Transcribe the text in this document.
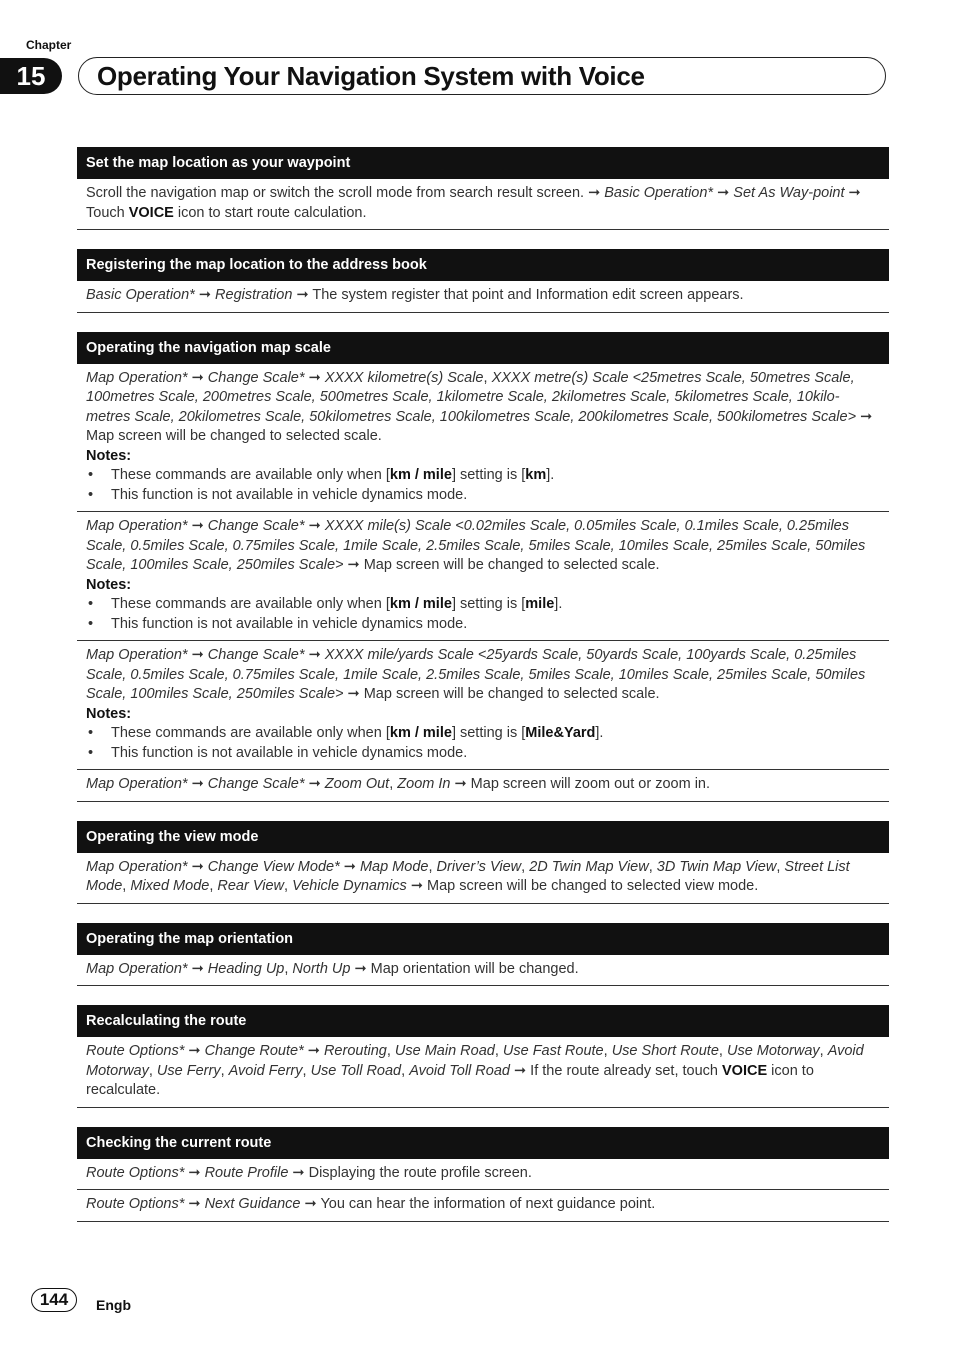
Chapter
15	Operating Your Navigation System with Voice
Set the map location as your waypoint
Scroll the navigation map or switch the scroll mode from search result screen. ➞ Basic Operation* ➞ Set As Way-point ➞ Touch VOICE icon to start route calculation.
Registering the map location to the address book
Basic Operation* ➞ Registration ➞ The system register that point and Information edit screen appears.
Operating the navigation map scale
Map Operation* ➞ Change Scale* ➞ XXXX kilometre(s) Scale, XXXX metre(s) Scale <25metres Scale, 50metres Scale, 100metres Scale, 200metres Scale, 500metres Scale, 1kilometre Scale, 2kilometres Scale, 5kilometres Scale, 10kilo-metres Scale, 20kilometres Scale, 50kilometres Scale, 100kilometres Scale, 200kilometres Scale, 500kilometres Scale> ➞ Map screen will be changed to selected scale.
Notes:
• These commands are available only when [km / mile] setting is [km].
• This function is not available in vehicle dynamics mode.
Map Operation* ➞ Change Scale* ➞ XXXX mile(s) Scale <0.02miles Scale, 0.05miles Scale, 0.1miles Scale, 0.25miles Scale, 0.5miles Scale, 0.75miles Scale, 1mile Scale, 2.5miles Scale, 5miles Scale, 10miles Scale, 25miles Scale, 50miles Scale, 100miles Scale, 250miles Scale> ➞ Map screen will be changed to selected scale.
Notes:
• These commands are available only when [km / mile] setting is [mile].
• This function is not available in vehicle dynamics mode.
Map Operation* ➞ Change Scale* ➞ XXXX mile/yards Scale <25yards Scale, 50yards Scale, 100yards Scale, 0.25miles Scale, 0.5miles Scale, 0.75miles Scale, 1mile Scale, 2.5miles Scale, 5miles Scale, 10miles Scale, 25miles Scale, 50miles Scale, 100miles Scale, 250miles Scale> ➞ Map screen will be changed to selected scale.
Notes:
• These commands are available only when [km / mile] setting is [Mile&Yard].
• This function is not available in vehicle dynamics mode.
Map Operation* ➞ Change Scale* ➞ Zoom Out, Zoom In ➞ Map screen will zoom out or zoom in.
Operating the view mode
Map Operation* ➞ Change View Mode* ➞ Map Mode, Driver’s View, 2D Twin Map View, 3D Twin Map View, Street List Mode, Mixed Mode, Rear View, Vehicle Dynamics ➞ Map screen will be changed to selected view mode.
Operating the map orientation
Map Operation* ➞ Heading Up, North Up ➞ Map orientation will be changed.
Recalculating the route
Route Options* ➞ Change Route* ➞ Rerouting, Use Main Road, Use Fast Route, Use Short Route, Use Motorway, Avoid Motorway, Use Ferry, Avoid Ferry, Use Toll Road, Avoid Toll Road ➞ If the route already set, touch VOICE icon to recalculate.
Checking the current route
Route Options* ➞ Route Profile ➞ Displaying the route profile screen.
Route Options* ➞ Next Guidance ➞ You can hear the information of next guidance point.
144	Engb
